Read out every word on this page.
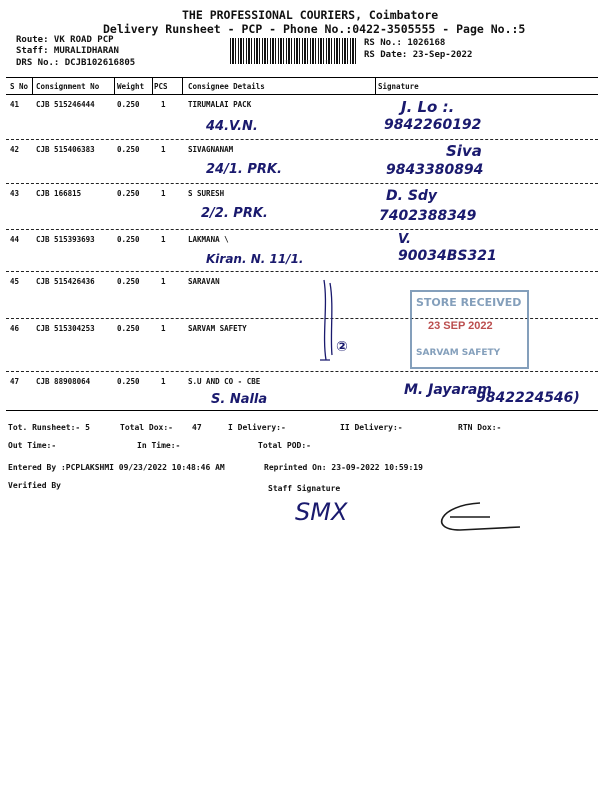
THE PROFESSIONAL COURIERS, Coimbatore
Delivery Runsheet - PCP - Phone No.:0422-3505555 - Page No.:5
Route: VK ROAD PCP
Staff: MURALIDHARAN
DRS No.: DCJB102616805
RS No.: 1026168
RS Date: 23-Sep-2022
S No Consignment No Weight PCS	Consignee Details	Signature
41 CJB 515246444	0.250	1	TIRUMALAI PACK
44.V.N.
J. Lo :.
9842260192
42 CJB 515406383	0.250	1	SIVAGNANAM
24/1. PRK.
Siva
9843380894
43 CJB 166815	0.250	1	S SURESH
2/2. PRK.
D. Sdy
7402388349
44 CJB 515393693	0.250	1	LAKMANA \
Kiran. N. 11/1.
V.
90034BS321
45 CJB 515426436	0.250	1	SARAVAN
46 CJB 515304253	0.250	1	SARVAM SAFETY
②
47 CJB 88908064	0.250	1	S.U AND CO - CBE
S. Nalla
M. Jayaram
9842224546)
STORE RECEIVED
23 SEP 2022
SARVAM SAFETY
Tot. Runsheet:- 5	Total Dox:- 47	I Delivery:-	II Delivery:-	RTN Dox:-
Out Time:-	In Time:-	Total POD:-
Entered By :PCPLAKSHMI 09/23/2022 10:48:46 AM	Reprinted On: 23-09-2022 10:59:19
Verified By	Staff Signature
SMX
